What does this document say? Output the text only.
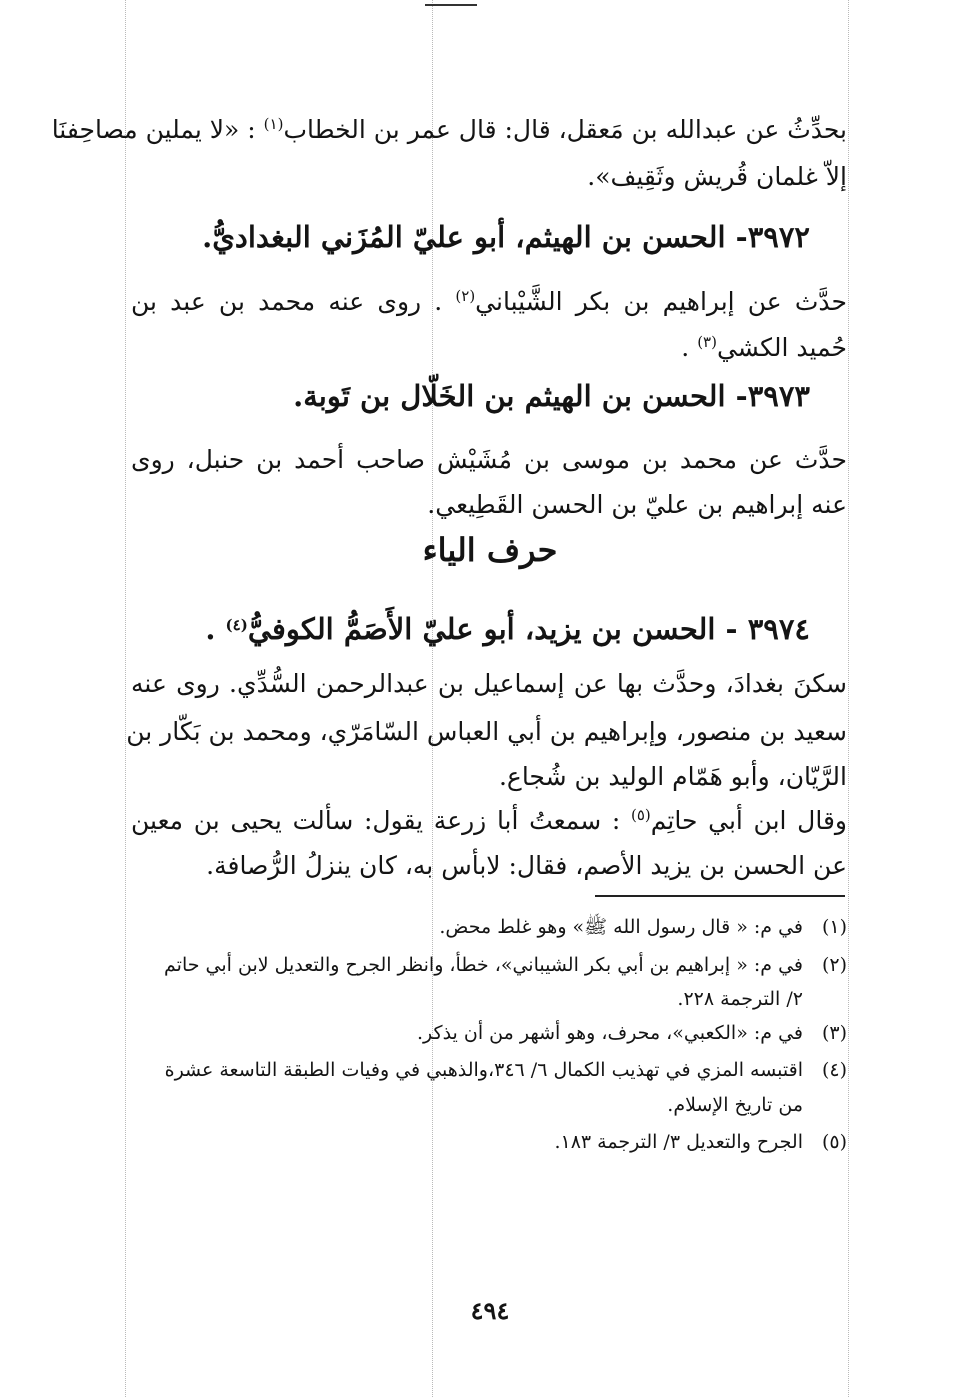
بحدِّثُ عن عبدالله بن مَعقل، قال: قال عمر بن الخطاب$^{(١)}$ : «لا يملين مصاحِفنَا
إلاّ غلمان قُريش وثَقِيف».
٣٩٧٢- الحسن بن الهيثم، أبو عليّ المُزَني البغداديُّ.
حدَّث عن إبراهيم بن بكر الشَّيْباني$^{(٢)}$ . روى عنه محمد بن عبد بن
حُميد الكشي$^{(٣)}$ .
٣٩٧٣- الحسن بن الهيثم بن الخَلّال بن تَوبة.
حدَّث عن محمد بن موسى بن مُشَيْش صاحب أحمد بن حنبل، روى
عنه إبراهيم بن عليّ بن الحسن القَطِيعي.
حرف الياء
٣٩٧٤ - الحسن بن يزيد، أبو عليّ الأَصَمُّ الكوفيُّ$^{(٤)}$ .
سكنَ بغدادَ، وحدَّث بها عن إسماعيل بن عبدالرحمن السُّدِّي. روى عنه
سعيد بن منصور، وإبراهيم بن أبي العباس السّامَرّي، ومحمد بن بَكّار بن
الرَّيّان، وأبو هَمّام الوليد بن شُجاع.
وقال ابن أبي حاتِم$^{(٥)}$ : سمعتُ أبا زرعة يقول: سألت يحيى بن معين
عن الحسن بن يزيد الأصم، فقال: لابأس به، كان ينزلُ الرُّصافة.
(١)
في م: « قال رسول الله ﷺ» وهو غلط محض.
(٢)
في م: « إبراهيم بن أبي بكر الشيباني»، خطأ، وانظر الجرح والتعديل لابن أبي حاتم
٢/ الترجمة ٢٢٨.
(٣)
في م: «الكعبي»، محرف، وهو أشهر من أن يذكر.
(٤)
اقتبسه المزي في تهذيب الكمال ٦/ ٣٤٦،والذهبي في وفيات الطبقة التاسعة عشرة
من تاريخ الإسلام.
(٥)
الجرح والتعديل ٣/ الترجمة ١٨٣.
٤٩٤
